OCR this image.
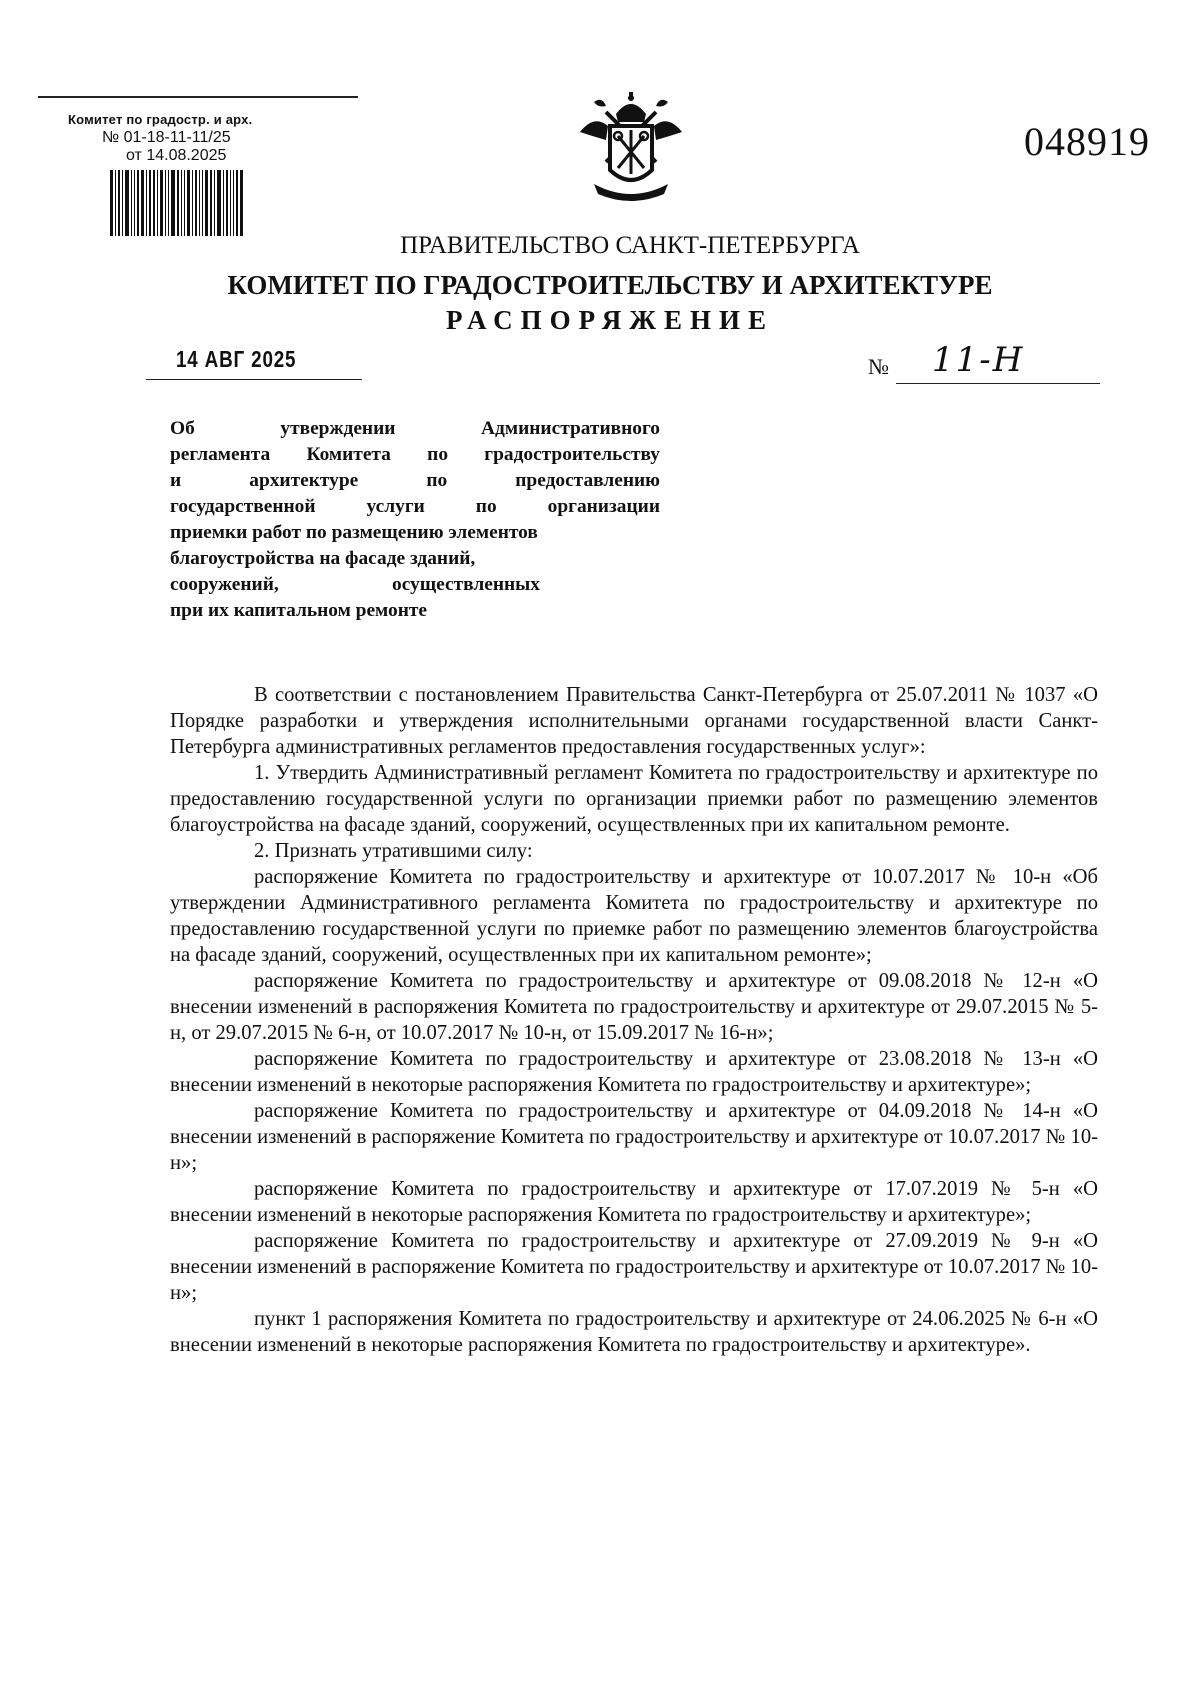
Комитет по градостр. и арх.
№ 01-18-11-11/25
от 14.08.2025	048919
ПРАВИТЕЛЬСТВО САНКТ-ПЕТЕРБУРГА
КОМИТЕТ ПО ГРАДОСТРОИТЕЛЬСТВУ И АРХИТЕКТУРЕ
РАСПОРЯЖЕНИЕ
14 АВГ 2025	№ 11-Н
Об утверждении Административного
регламента Комитета по градостроительству
и архитектуре по предоставлению
государственной услуги по организации
приемки работ по размещению элементов
благоустройства на фасаде зданий,
сооружений, осуществленных
при их капитальном ремонте

В соответствии с постановлением Правительства Санкт-Петербурга от 25.07.2011 № 1037 «О Порядке разработки и утверждения исполнительными органами государственной власти Санкт-Петербурга административных регламентов предоставления государственных услуг»:

1. Утвердить Административный регламент Комитета по градостроительству и архитектуре по предоставлению государственной услуги по организации приемки работ по размещению элементов благоустройства на фасаде зданий, сооружений, осуществленных при их капитальном ремонте.

2. Признать утратившими силу:

распоряжение Комитета по градостроительству и архитектуре от 10.07.2017 № 10-н «Об утверждении Административного регламента Комитета по градостроительству и архитектуре по предоставлению государственной услуги по приемке работ по размещению элементов благоустройства на фасаде зданий, сооружений, осуществленных при их капитальном ремонте»;

распоряжение Комитета по градостроительству и архитектуре от 09.08.2018 № 12-н «О внесении изменений в распоряжения Комитета по градостроительству и архитектуре от 29.07.2015 № 5-н, от 29.07.2015 № 6-н, от 10.07.2017 № 10-н, от 15.09.2017 № 16-н»;

распоряжение Комитета по градостроительству и архитектуре от 23.08.2018 № 13-н «О внесении изменений в некоторые распоряжения Комитета по градостроительству и архитектуре»;

распоряжение Комитета по градостроительству и архитектуре от 04.09.2018 № 14-н «О внесении изменений в распоряжение Комитета по градостроительству и архитектуре от 10.07.2017 № 10-н»;

распоряжение Комитета по градостроительству и архитектуре от 17.07.2019 № 5-н «О внесении изменений в некоторые распоряжения Комитета по градостроительству и архитектуре»;

распоряжение Комитета по градостроительству и архитектуре от 27.09.2019 № 9-н «О внесении изменений в распоряжение Комитета по градостроительству и архитектуре от 10.07.2017 № 10-н»;

пункт 1 распоряжения Комитета по градостроительству и архитектуре от 24.06.2025 № 6-н «О внесении изменений в некоторые распоряжения Комитета по градостроительству и архитектуре».
